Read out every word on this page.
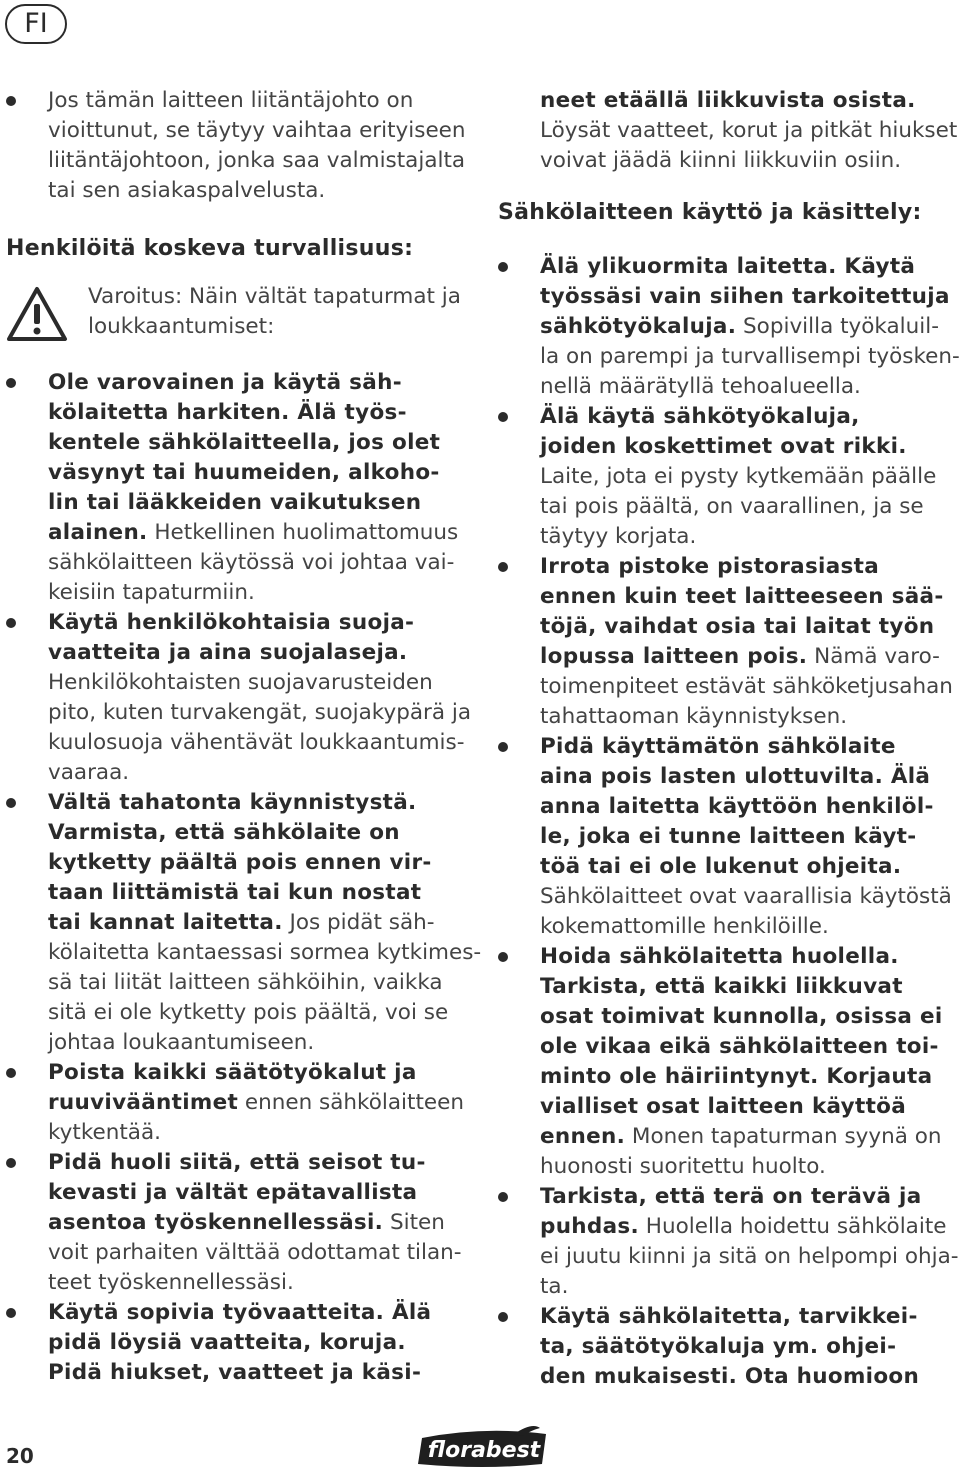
FI
Jos tämän laitteen liitäntäjohto on
vioittunut, se täytyy vaihtaa erityiseen
liitäntäjohtoon, jonka saa valmistajalta
tai sen asiakaspalvelusta.
Henkilöitä koskeva turvallisuus:
Varoitus: Näin vältät tapaturmat ja
loukkaantumiset:
Ole varovainen ja käytä säh-
kölaitetta harkiten. Älä työs-
kentele sähkölaitteella, jos olet
väsynyt tai huumeiden, alkoho-
lin tai lääkkeiden vaikutuksen
alainen. Hetkellinen huolimattomuus
sähkölaitteen käytössä voi johtaa vai-
keisiin tapaturmiin.
Käytä henkilökohtaisia suoja-
vaatteita ja aina suojalaseja.
Henkilökohtaisten suojavarusteiden
pito, kuten turvakengät, suojakypärä ja
kuulosuoja vähentävät loukkaantumis-
vaaraa.
Vältä tahatonta käynnistystä.
Varmista, että sähkölaite on
kytketty päältä pois ennen vir-
taan liittämistä tai kun nostat
tai kannat laitetta. Jos pidät säh-
kölaitetta kantaessasi sormea kytkimes-
sä tai liität laitteen sähköihin, vaikka
sitä ei ole kytketty pois päältä, voi se
johtaa loukaantumiseen.
Poista kaikki säätötyökalut ja
ruuvivääntimet ennen sähkölaitteen
kytkentää.
Pidä huoli siitä, että seisot tu-
kevasti ja vältät epätavallista
asentoa työskennellessäsi. Siten
voit parhaiten välttää odottamat tilan-
teet työskennellessäsi.
Käytä sopivia työvaatteita. Älä
pidä löysiä vaatteita, koruja.
Pidä hiukset, vaatteet ja käsi-
neet etäällä liikkuvista osista.
Löysät vaatteet, korut ja pitkät hiukset
voivat jäädä kiinni liikkuviin osiin.
Sähkölaitteen käyttö ja käsittely:
Älä ylikuormita laitetta. Käytä
työssäsi vain siihen tarkoitettuja
sähkötyökaluja. Sopivilla työkaluil-
la on parempi ja turvallisempi työsken-
nellä määrätyllä tehoalueella.
Älä käytä sähkötyökaluja,
joiden koskettimet ovat rikki.
Laite, jota ei pysty kytkemään päälle
tai pois päältä, on vaarallinen, ja se
täytyy korjata.
Irrota pistoke pistorasiasta
ennen kuin teet laitteeseen sää-
töjä, vaihdat osia tai laitat työn
lopussa laitteen pois. Nämä varo-
toimenpiteet estävät sähköketjusahan
tahattaoman käynnistyksen.
Pidä käyttämätön sähkölaite
aina pois lasten ulottuvilta. Älä
anna laitetta käyttöön henkilöl-
le, joka ei tunne laitteen käyt-
töä tai ei ole lukenut ohjeita.
Sähkölaitteet ovat vaarallisia käytöstä
kokemattomille henkilöille.
Hoida sähkölaitetta huolella.
Tarkista, että kaikki liikkuvat
osat toimivat kunnolla, osissa ei
ole vikaa eikä sähkölaitteen toi-
minto ole häiriintynyt. Korjauta
vialliset osat laitteen käyttöä
ennen. Monen tapaturman syynä on
huonosti suoritettu huolto.
Tarkista, että terä on terävä ja
puhdas. Huolella hoidettu sähkölaite
ei juutu kiinni ja sitä on helpompi ohja-
ta.
Käytä sähkölaitetta, tarvikkei-
ta, säätötyökaluja ym. ohjei-
den mukaisesti. Ota huomioon
20	florabest
